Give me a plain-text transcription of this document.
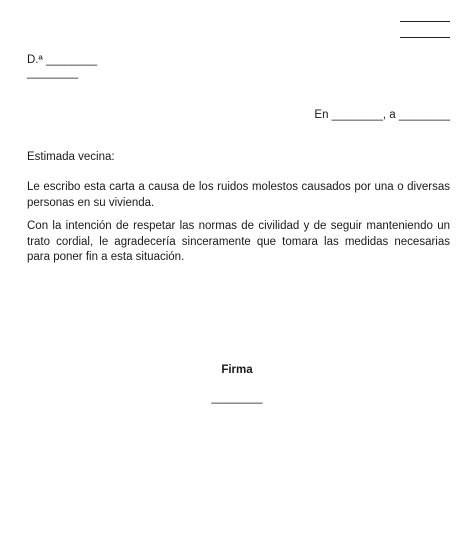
D.ª ________
________
En ________, a ________
Estimada vecina:
Le escribo esta carta a causa de los ruidos molestos causados por una o diversas personas en su vivienda.
Con la intención de respetar las normas de civilidad y de seguir manteniendo un trato cordial, le agradecería sinceramente que tomara las medidas necesarias para poner fin a esta situación.
Firma
________
